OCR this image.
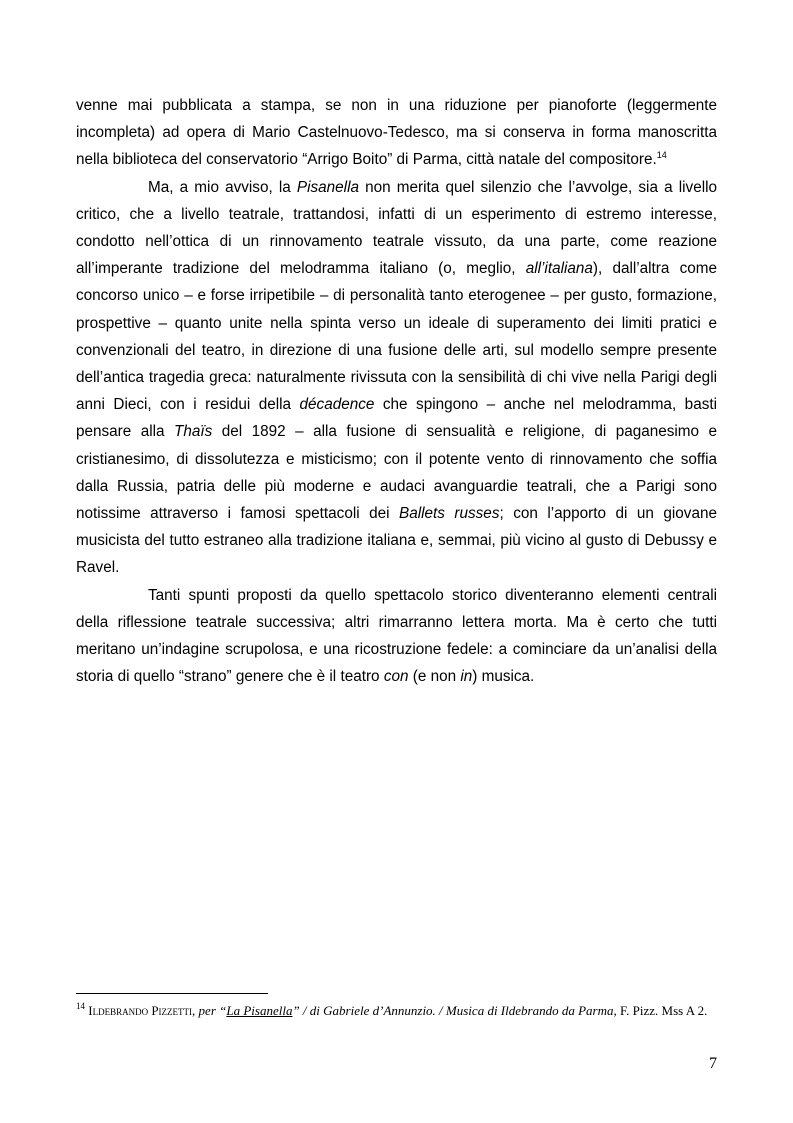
venne mai pubblicata a stampa, se non in una riduzione per pianoforte (leggermente incompleta) ad opera di Mario Castelnuovo-Tedesco, ma si conserva in forma manoscritta nella biblioteca del conservatorio “Arrigo Boito” di Parma, città natale del compositore.$^{14}$

Ma, a mio avviso, la Pisanella non merita quel silenzio che l’avvolge, sia a livello critico, che a livello teatrale, trattandosi, infatti di un esperimento di estremo interesse, condotto nell’ottica di un rinnovamento teatrale vissuto, da una parte, come reazione all’imperante tradizione del melodramma italiano (o, meglio, all’italiana), dall’altra come concorso unico – e forse irripetibile – di personalità tanto eterogenee – per gusto, formazione, prospettive – quanto unite nella spinta verso un ideale di superamento dei limiti pratici e convenzionali del teatro, in direzione di una fusione delle arti, sul modello sempre presente dell’antica tragedia greca: naturalmente rivissuta con la sensibilità di chi vive nella Parigi degli anni Dieci, con i residui della décadence che spingono – anche nel melodramma, basti pensare alla Thaïs del 1892 – alla fusione di sensualità e religione, di paganesimo e cristianesimo, di dissolutezza e misticismo; con il potente vento di rinnovamento che soffia dalla Russia, patria delle più moderne e audaci avanguardie teatrali, che a Parigi sono notissime attraverso i famosi spettacoli dei Ballets russes; con l’apporto di un giovane musicista del tutto estraneo alla tradizione italiana e, semmai, più vicino al gusto di Debussy e Ravel.

Tanti spunti proposti da quello spettacolo storico diventeranno elementi centrali della riflessione teatrale successiva; altri rimarranno lettera morta. Ma è certo che tutti meritano un’indagine scrupolosa, e una ricostruzione fedele: a cominciare da un’analisi della storia di quello “strano” genere che è il teatro con (e non in) musica.

$^{14}$ Ildebrando Pizzetti, per “La Pisanella” / di Gabriele d’Annunzio. / Musica di Ildebrando da Parma, F. Pizz. Mss A 2.
7
